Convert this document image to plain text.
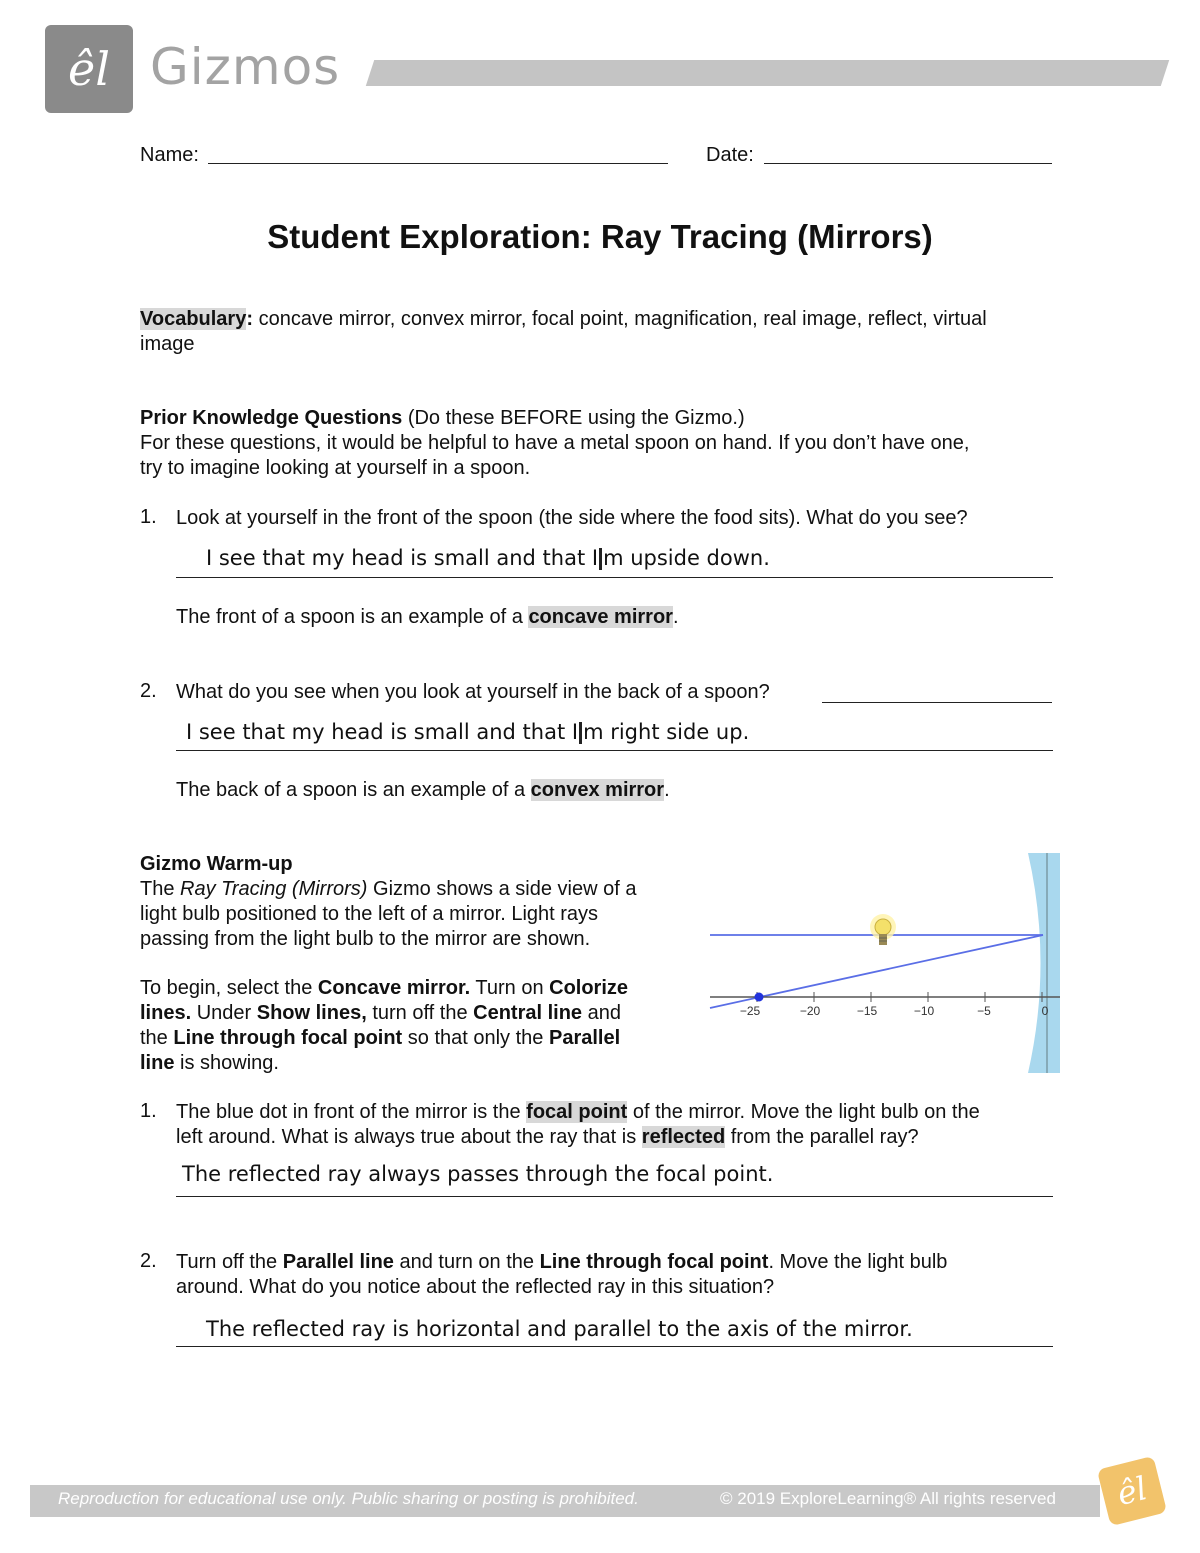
êl Gizmos
Name:	Date:
Student Exploration: Ray Tracing (Mirrors)
Vocabulary: concave mirror, convex mirror, focal point, magnification, real image, reflect, virtual
image
Prior Knowledge Questions (Do these BEFORE using the Gizmo.)
For these questions, it would be helpful to have a metal spoon on hand. If you don’t have one,
try to imagine looking at yourself in a spoon.
1. Look at yourself in the front of the spoon (the side where the food sits). What do you see?
I see that my head is small and that I m upside down.
The front of a spoon is an example of a concave mirror.
2. What do you see when you look at yourself in the back of a spoon?
I see that my head is small and that I m right side up.
The back of a spoon is an example of a convex mirror.
Gizmo Warm-up
The Ray Tracing (Mirrors) Gizmo shows a side view of a
light bulb positioned to the left of a mirror. Light rays
passing from the light bulb to the mirror are shown.
To begin, select the Concave mirror. Turn on Colorize
lines. Under Show lines, turn off the Central line and
the Line through focal point so that only the Parallel
line is showing.
−25	−20	−15	−10	−5	0
1. The blue dot in front of the mirror is the focal point of the mirror. Move the light bulb on the
left around. What is always true about the ray that is reflected from the parallel ray?
The reflected ray always passes through the focal point.
2. Turn off the Parallel line and turn on the Line through focal point. Move the light bulb
around. What do you notice about the reflected ray in this situation?
The reflected ray is horizontal and parallel to the axis of the mirror.
Reproduction for educational use only. Public sharing or posting is prohibited.	© 2019 ExploreLearning® All rights reserved	êl
